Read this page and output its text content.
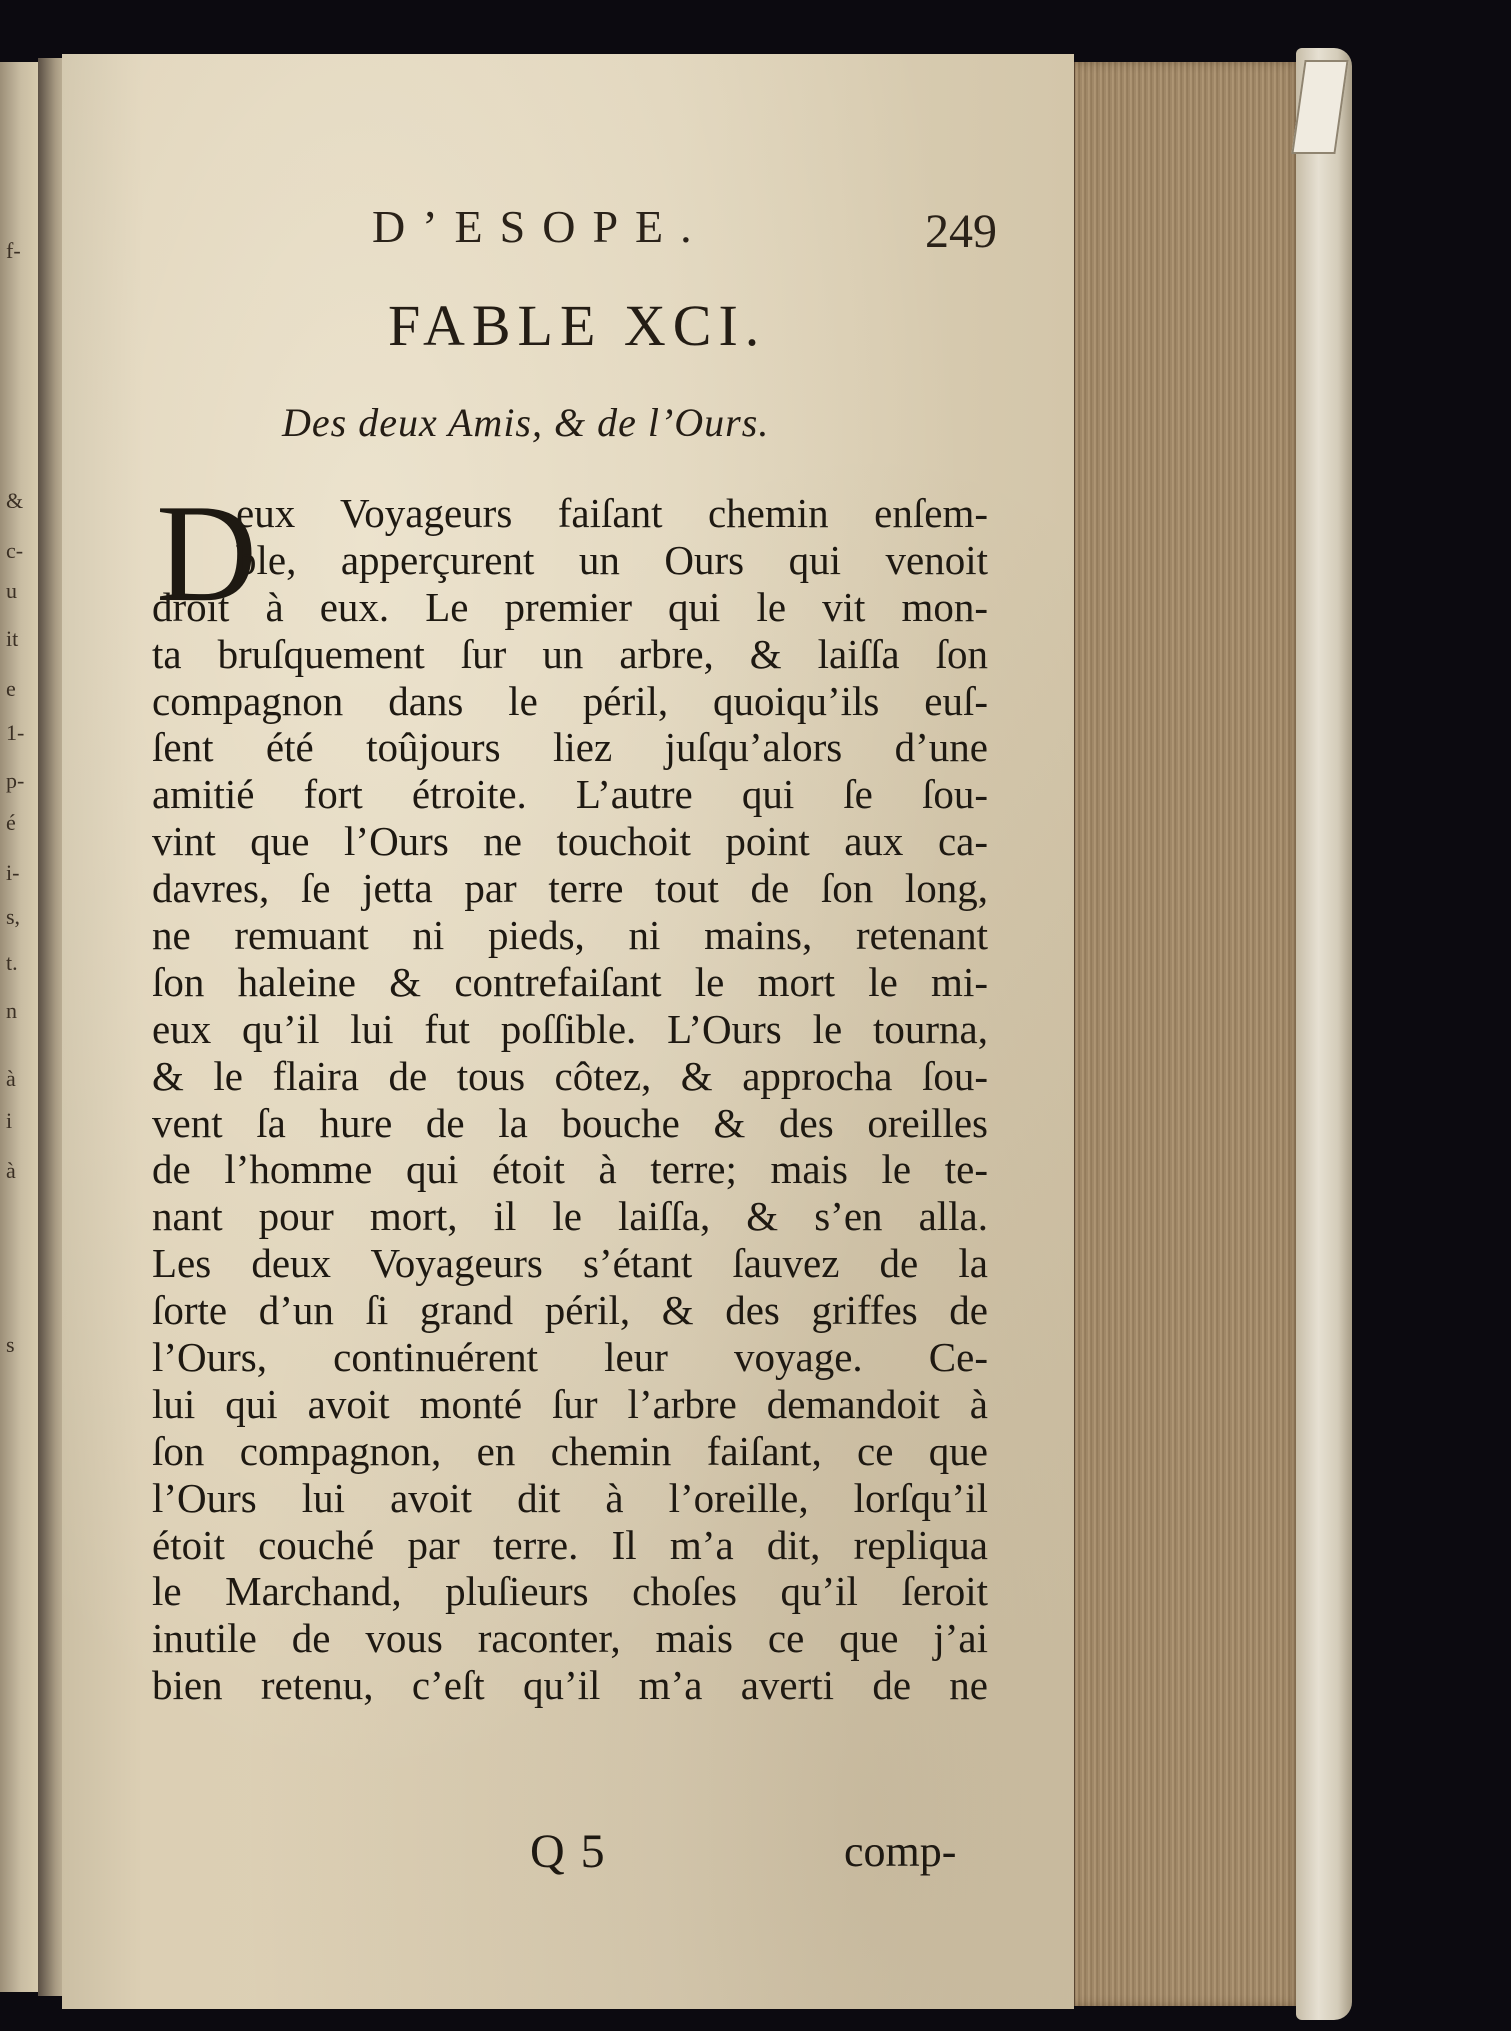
f-
&
c-
u
it
e
1-
p-
é
i-
s,
t.
n
à
i
à
s
D’ESOPE.	249
FABLE XCI.
Des deux Amis, & de l’Ours.
D
eux Voyageurs faiſant chemin enſem-
ble, apperçurent un Ours qui venoit
droit à eux. Le premier qui le vit mon-
ta bruſquement ſur un arbre, & laiſſa ſon
compagnon dans le péril, quoiqu’ils euſ-
ſent été toûjours liez juſqu’alors d’une
amitié fort étroite. L’autre qui ſe ſou-
vint que l’Ours ne touchoit point aux ca-
davres, ſe jetta par terre tout de ſon long,
ne remuant ni pieds, ni mains, retenant
ſon haleine & contrefaiſant le mort le mi-
eux qu’il lui fut poſſible. L’Ours le tourna,
& le flaira de tous côtez, & approcha ſou-
vent ſa hure de la bouche & des oreilles
de l’homme qui étoit à terre; mais le te-
nant pour mort, il le laiſſa, & s’en alla.
Les deux Voyageurs s’étant ſauvez de la
ſorte d’un ſi grand péril, & des griffes de
l’Ours, continuérent leur voyage. Ce-
lui qui avoit monté ſur l’arbre demandoit à
ſon compagnon, en chemin faiſant, ce que
l’Ours lui avoit dit à l’oreille, lorſqu’il
étoit couché par terre. Il m’a dit, repliqua
le Marchand, pluſieurs choſes qu’il ſeroit
inutile de vous raconter, mais ce que j’ai
bien retenu, c’eſt qu’il m’a averti de ne
Q 5	comp-
